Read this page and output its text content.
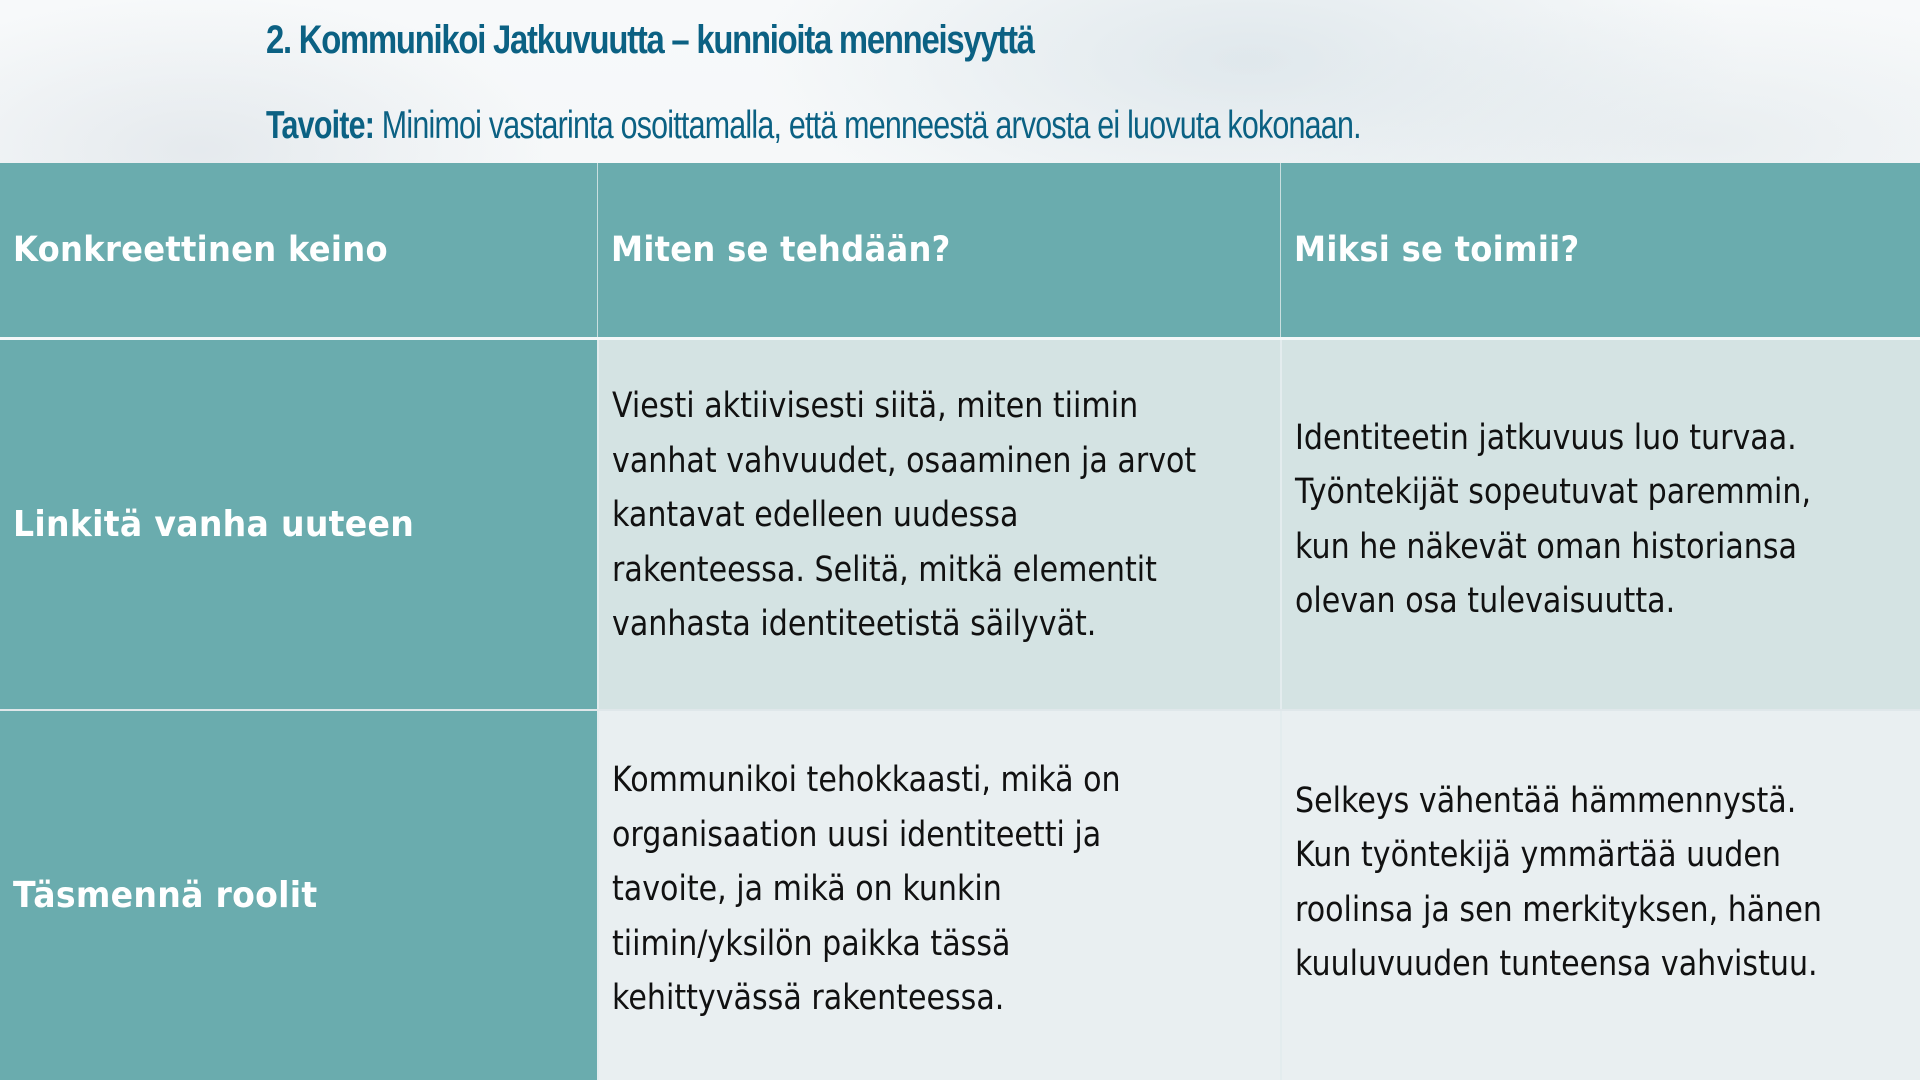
2. Kommunikoi Jatkuvuutta – kunnioita menneisyyttä

Tavoite: Minimoi vastarinta osoittamalla, että menneestä arvosta ei luovuta kokonaan.

Konkreettinen keino	Miten se tehdään?	Miksi se toimii?
Linkitä vanha uuteen
Viesti aktiivisesti siitä, miten tiimin
vanhat vahvuudet, osaaminen ja arvot
kantavat edelleen uudessa
rakenteessa. Selitä, mitkä elementit
vanhasta identiteetistä säilyvät.
Identiteetin jatkuvuus luo turvaa.
Työntekijät sopeutuvat paremmin,
kun he näkevät oman historiansa
olevan osa tulevaisuutta.
Täsmennä roolit
Kommunikoi tehokkaasti, mikä on
organisaation uusi identiteetti ja
tavoite, ja mikä on kunkin
tiimin/yksilön paikka tässä
kehittyvässä rakenteessa.
Selkeys vähentää hämmennystä.
Kun työntekijä ymmärtää uuden
roolinsa ja sen merkityksen, hänen
kuuluvuuden tunteensa vahvistuu.
